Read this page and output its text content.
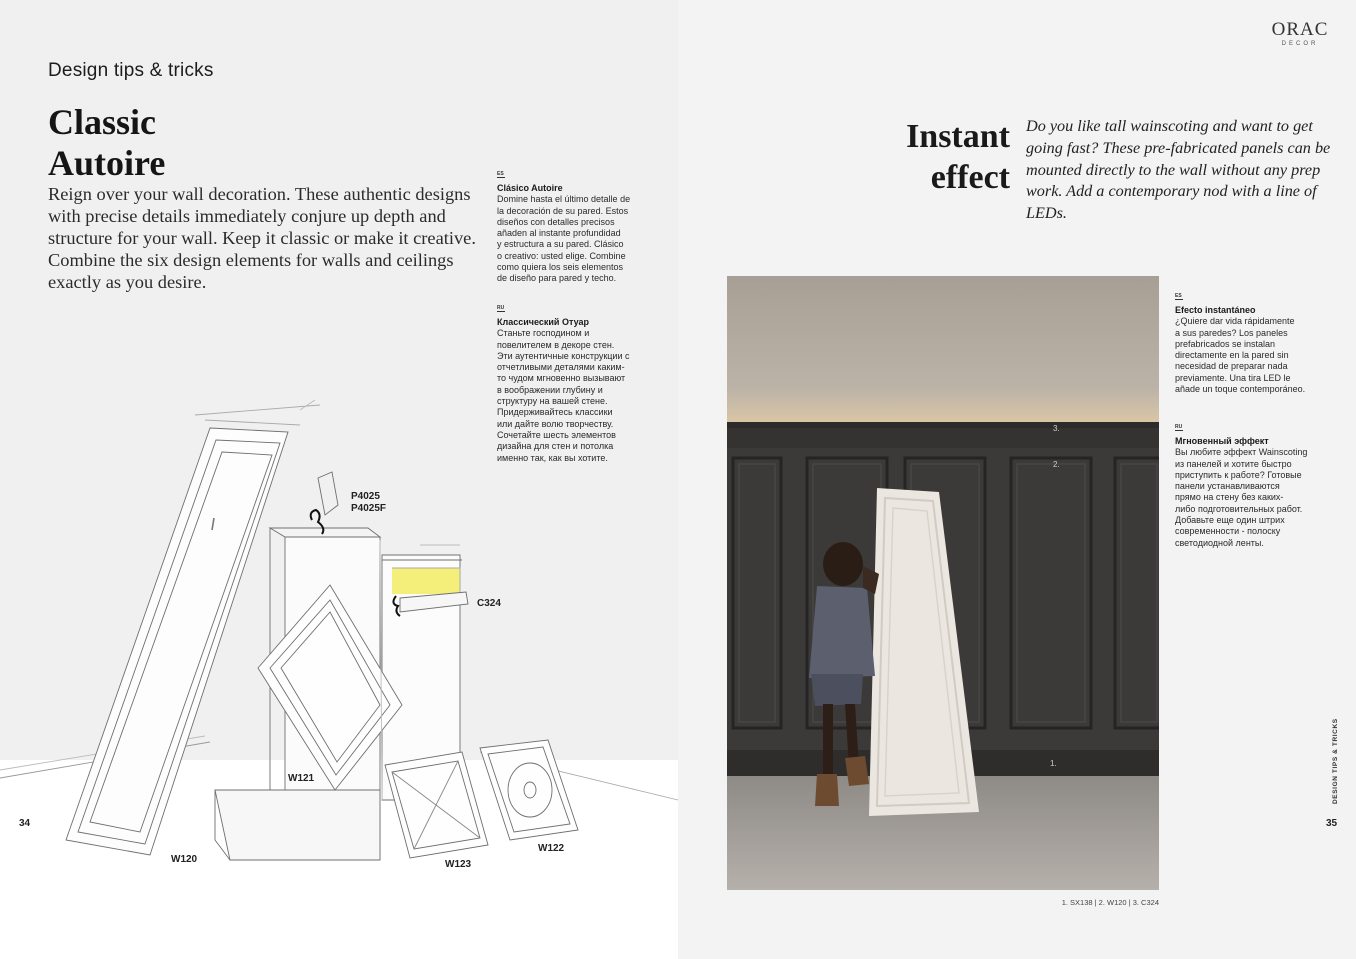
Design tips & tricks
Classic
Autoire

Reign over your wall decoration. These authentic designs with precise details immediately conjure up depth and structure for your wall. Keep it classic or make it creative. Combine the six design elements for walls and ceilings exactly as you desire.

ES
Clásico Autoire

Domine hasta el último detalle de
la decoración de su pared. Estos
diseños con detalles precisos
añaden al instante profundidad
y estructura a su pared. Clásico
o creativo: usted elige. Combine
como quiera los seis elementos
de diseño para pared y techo.

RU
Классический Отуар

Станьте господином и
повелителем в декоре стен.
Эти аутентичные конструкции с
отчетливыми деталями каким-
то чудом мгновенно вызывают
в воображении глубину и
структуру на вашей стене.
Придерживайтесь классики
или дайте волю творчеству.
Сочетайте шесть элементов
дизайна для стен и потолка
именно так, как вы хотите.

P4025
P4025F
C324
W121
W120	W123
W122
34
ORAC
DECOR
Instant
effect

Do you like tall wainscoting and want to get going fast? These pre-fabricated panels can be mounted directly to the wall without any prep work. Add a contemporary nod with a line of LEDs.

3.
2.
1.
1. SX138 | 2. W120 | 3. C324
ES
Efecto instantáneo

¿Quiere dar vida rápidamente
a sus paredes? Los paneles
prefabricados se instalan
directamente en la pared sin
necesidad de preparar nada
previamente. Una tira LED le
añade un toque contemporáneo.

RU
Мгновенный эффект

Вы любите эффект Wainscoting
из панелей и хотите быстро
приступить к работе? Готовые
панели устанавливаются
прямо на стену без каких-
либо подготовительных работ.
Добавьте еще один штрих
современности - полоску
светодиодной ленты.

DESIGN TIPS & TRICKS
35
